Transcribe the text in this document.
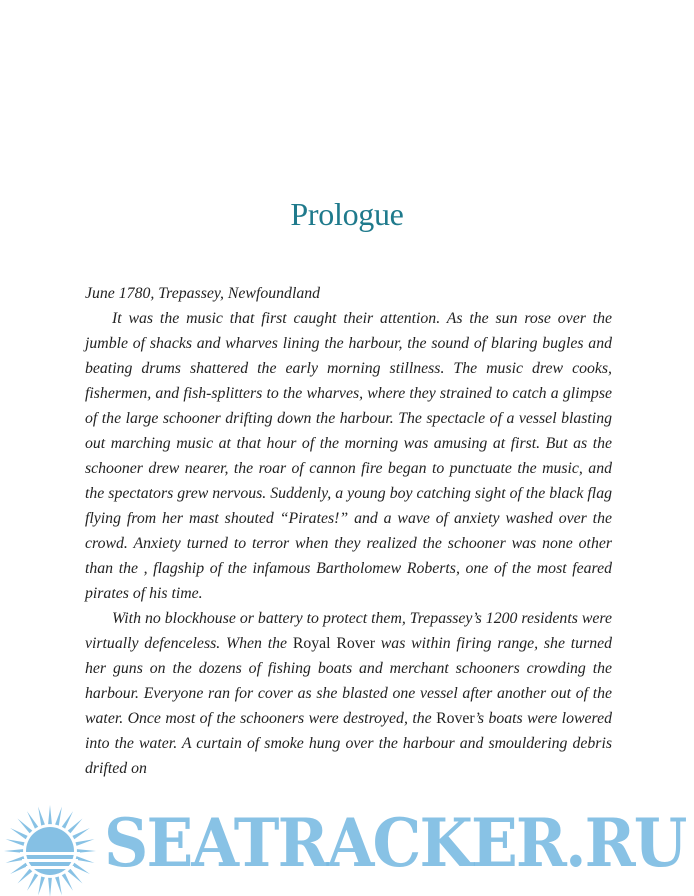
Prologue

June 1780, Trepassey, Newfoundland

It was the music that first caught their attention. As the sun rose over the jumble of shacks and wharves lining the harbour, the sound of blaring bugles and beating drums shattered the early morning stillness. The music drew cooks, fishermen, and fish-splitters to the wharves, where they strained to catch a glimpse of the large schooner drifting down the harbour. The spectacle of a vessel blasting out marching music at that hour of the morning was amusing at first. But as the schooner drew nearer, the roar of cannon fire began to punctuate the music, and the spectators grew nervous. Suddenly, a young boy catching sight of the black flag flying from her mast shouted “Pirates!” and a wave of anxiety washed over the crowd. Anxiety turned to terror when they realized the schooner was none other than the , flagship of the infamous Bartholomew Roberts, one of the most feared pirates of his time.

With no blockhouse or battery to protect them, Trepassey’s 1200 residents were virtually defenceless. When the Royal Rover was within firing range, she turned her guns on the dozens of fishing boats and merchant schooners crowding the harbour. Everyone ran for cover as she blasted one vessel after another out of the water. Once most of the schooners were destroyed, the Rover’s boats were lowered into the water. A curtain of smoke hung over the harbour and smouldering debris drifted on

SEATRACKER.RU
